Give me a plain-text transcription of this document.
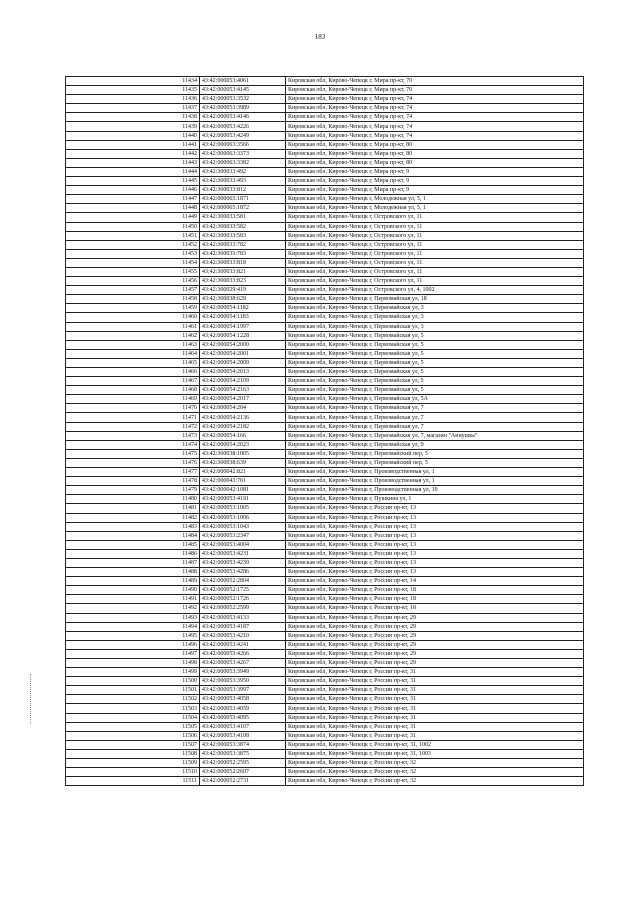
183
11434	43:42:000053:4061	Кировская обл, Кирово-Чепецк г, Мира пр-кт, 70
11435	43:42:000053:4145	Кировская обл, Кирово-Чепецк г, Мира пр-кт, 70
11436	43:42:000053:3532	Кировская обл, Кирово-Чепецк г, Мира пр-кт, 74
11437	43:42:000053:3989	Кировская обл, Кирово-Чепецк г, Мира пр-кт, 74
11438	43:42:000053:4146	Кировская обл, Кирово-Чепецк г, Мира пр-кт, 74
11439	43:42:000053:4226	Кировская обл, Кирово-Чепецк г, Мира пр-кт, 74
11440	43:42:000053:4249	Кировская обл, Кирово-Чепецк г, Мира пр-кт, 74
11441	43:42:000063:3566	Кировская обл, Кирово-Чепецк г, Мира пр-кт, 80
11442	43:42:000063:3373	Кировская обл, Кирово-Чепецк г, Мира пр-кт, 80
11443	43:42:000063:3382	Кировская обл, Кирово-Чепецк г, Мира пр-кт, 80
11444	43:42:300033:492	Кировская обл, Кирово-Чепецк г, Мира пр-кт, 9
11445	43:42:300033:493	Кировская обл, Кирово-Чепецк г, Мира пр-кт, 9
11446	43:42:300033:812	Кировская обл, Кирово-Чепецк г, Мира пр-кт, 9
11447	43:42:000065:1871	Кировская обл, Кирово-Чепецк г, Молодежная ул, 5, 1
11448	43:42:000065:1872	Кировская обл, Кирово-Чепецк г, Молодежная ул, 5, 1
11449	43:42:300033:581	Кировская обл, Кирово-Чепецк г, Островского ул, 11
11450	43:42:300033:582	Кировская обл, Кирово-Чепецк г, Островского ул, 11
11451	43:42:300033:583	Кировская обл, Кирово-Чепецк г, Островского ул, 11
11452	43:42:300033:782	Кировская обл, Кирово-Чепецк г, Островского ул, 11
11453	43:42:300033:783	Кировская обл, Кирово-Чепецк г, Островского ул, 11
11454	43:42:300033:818	Кировская обл, Кирово-Чепецк г, Островского ул, 11
11455	43:42:300033:821	Кировская обл, Кирово-Чепецк г, Островского ул, 11
11456	43:42:300033:823	Кировская обл, Кирово-Чепецк г, Островского ул, 11
11457	43:42:300029:419	Кировская обл, Кирово-Чепецк г, Островского ул, 4, 1002
11458	43:42:300038:629	Кировская обл, Кирово-Чепецк г, Первомайская ул, 18
11459	43:42:000054:1182	Кировская обл, Кирово-Чепецк г, Первомайская ул, 3
11460	43:42:000054:1183	Кировская обл, Кирово-Чепецк г, Первомайская ул, 3
11461	43:42:000054:1997	Кировская обл, Кирово-Чепецк г, Первомайская ул, 3
11462	43:42:000054:1228	Кировская обл, Кирово-Чепецк г, Первомайская ул, 5
11463	43:42:000054:2000	Кировская обл, Кирово-Чепецк г, Первомайская ул, 5
11464	43:42:000054:2001	Кировская обл, Кирово-Чепецк г, Первомайская ул, 5
11465	43:42:000054:2009	Кировская обл, Кирово-Чепецк г, Первомайская ул, 5
11466	43:42:000054:2013	Кировская обл, Кирово-Чепецк г, Первомайская ул, 5
11467	43:42:000054:2109	Кировская обл, Кирово-Чепецк г, Первомайская ул, 5
11468	43:42:000054:2163	Кировская обл, Кирово-Чепецк г, Первомайская ул, 5
11469	43:42:000054:2017	Кировская обл, Кирово-Чепецк г, Первомайская ул, 5А
11470	43:42:000054:204	Кировская обл, Кирово-Чепецк г, Первомайская ул, 7
11471	43:42:000054:2136	Кировская обл, Кирово-Чепецк г, Первомайская ул, 7
11472	43:42:000054:2182	Кировская обл, Кирово-Чепецк г, Первомайская ул, 7
11473	43:42:000054:166	Кировская обл, Кирово-Чепецк г, Первомайская ул, 7, магазин "Аннушка"
11474	43:42:000054:2023	Кировская обл, Кирово-Чепецк г, Первомайская ул, 9
11475	43:42:300038:1005	Кировская обл, Кирово-Чепецк г, Первомайский пер, 5
11476	43:42:300038:639	Кировская обл, Кирово-Чепецк г, Первомайский пер, 5
11477	43:42:000042:821	Кировская обл, Кирово-Чепецк г, Производственная ул, 1
11478	43:42:000043:701	Кировская обл, Кирово-Чепецк г, Производственная ул, 1
11479	43:42:000042:1081	Кировская обл, Кирово-Чепецк г, Производственная ул, 10
11480	43:42:000053:4191	Кировская обл, Кирово-Чепецк г, Пушкина ул, 1
11481	43:42:000053:1005	Кировская обл, Кирово-Чепецк г, России пр-кт, 13
11482	43:42:000053:1006	Кировская обл, Кирово-Чепецк г, России пр-кт, 13
11483	43:42:000053:1043	Кировская обл, Кирово-Чепецк г, России пр-кт, 13
11484	43:42:000053:2347	Кировская обл, Кирово-Чепецк г, России пр-кт, 13
11485	43:42:000053:4004	Кировская обл, Кирово-Чепецк г, России пр-кт, 13
11486	43:42:000053:4231	Кировская обл, Кирово-Чепецк г, России пр-кт, 13
11487	43:42:000053:4239	Кировская обл, Кирово-Чепецк г, России пр-кт, 13
11488	43:42:000053:4286	Кировская обл, Кирово-Чепецк г, России пр-кт, 13
11489	43:42:000052:2804	Кировская обл, Кирово-Чепецк г, России пр-кт, 14
11490	43:42:000052:1725	Кировская обл, Кирово-Чепецк г, России пр-кт, 18
11491	43:42:000052:1726	Кировская обл, Кирово-Чепецк г, России пр-кт, 18
11492	43:42:000052:2599	Кировская обл, Кирово-Чепецк г, России пр-кт, 18
11493	43:42:000053:4133	Кировская обл, Кирово-Чепецк г, России пр-кт, 29
11494	43:42:000053:4187	Кировская обл, Кирово-Чепецк г, России пр-кт, 29
11495	43:42:000053:4210	Кировская обл, Кирово-Чепецк г, России пр-кт, 29
11496	43:42:000053:4241	Кировская обл, Кирово-Чепецк г, России пр-кт, 29
11497	43:42:000053:4266	Кировская обл, Кирово-Чепецк г, России пр-кт, 29
11498	43:42:000053:4267	Кировская обл, Кирово-Чепецк г, России пр-кт, 29
11499	43:42:000053:3949	Кировская обл, Кирово-Чепецк г, России пр-кт, 31
11500	43:42:000053:3950	Кировская обл, Кирово-Чепецк г, России пр-кт, 31
11501	43:42:000053:3997	Кировская обл, Кирово-Чепецк г, России пр-кт, 31
11502	43:42:000053:4058	Кировская обл, Кирово-Чепецк г, России пр-кт, 31
11503	43:42:000053:4059	Кировская обл, Кирово-Чепецк г, России пр-кт, 31
11504	43:42:000053:4095	Кировская обл, Кирово-Чепецк г, России пр-кт, 31
11505	43:42:000053:4107	Кировская обл, Кирово-Чепецк г, России пр-кт, 31
11506	43:42:000053:4108	Кировская обл, Кирово-Чепецк г, России пр-кт, 31
11507	43:42:000053:3874	Кировская обл, Кирово-Чепецк г, России пр-кт, 31, 1002
11508	43:42:000053:3875	Кировская обл, Кирово-Чепецк г, России пр-кт, 31, 1003
11509	43:42:000052:2595	Кировская обл, Кирово-Чепецк г, России пр-кт, 32
11510	43:42:000052:2607	Кировская обл, Кирово-Чепецк г, России пр-кт, 32
11511	43:42:000052:2731	Кировская обл, Кирово-Чепецк г, России пр-кт, 32
